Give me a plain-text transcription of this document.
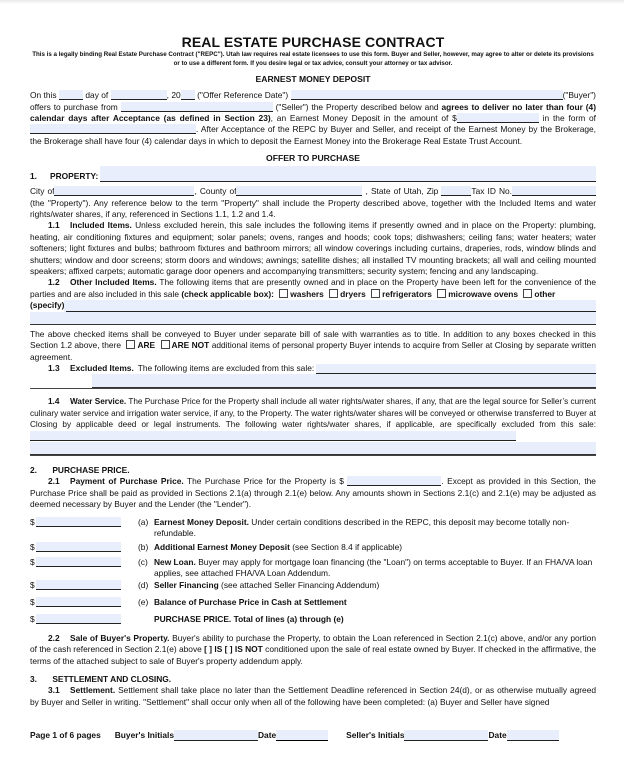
REAL ESTATE PURCHASE CONTRACT
This is a legally binding Real Estate Purchase Contract ("REPC"). Utah law requires real estate licensees to use this form. Buyer and Seller, however, may agree to alter or delete its provisions or to use a different form. If you desire legal or tax advice, consult your attorney or tax advisor.
EARNEST MONEY DEPOSIT
On this	day of	, 20 ("Offer Reference Date")	("Buyer") offers to purchase from	("Seller") the Property described below and agrees to deliver no later than four (4) calendar days after Acceptance (as defined in Section 23), an Earnest Money Deposit in the amount of $	in the form of. After Acceptance of the REPC by Buyer and Seller, and receipt of the Earnest Money by the Brokerage, the Brokerage shall have four (4) calendar days in which to deposit the Earnest Money into the Brokerage Real Estate Trust Account.
OFFER TO PURCHASE
1.	PROPERTY:
City of	, County of	, State of Utah, Zip	Tax ID No. (the "Property"). Any reference below to the term "Property" shall include the Property described above, together with the Included Items and water rights/water shares, if any, referenced in Sections 1.1, 1.2 and 1.4.
1.1 Included Items. Unless excluded herein, this sale includes the following items if presently owned and in place on the Property: plumbing, heating, air conditioning fixtures and equipment; solar panels; ovens, ranges and hoods; cook tops; dishwashers; ceiling fans; water heaters; water softeners; light fixtures and bulbs; bathroom fixtures and bathroom mirrors; all window coverings including curtains, draperies, rods, window blinds and shutters; window and door screens; storm doors and windows; awnings; satellite dishes; all installed TV mounting brackets; all wall and ceiling mounted speakers; affixed carpets; automatic garage door openers and accompanying transmitters; security system; fencing and any landscaping.
1.2 Other Included Items. The following items that are presently owned and in place on the Property have been left for the convenience of the parties and are also included in this sale (check applicable box): washers dryers refrigerators microwave ovens other
(specify)
The above checked items shall be conveyed to Buyer under separate bill of sale with warranties as to title. In addition to any boxes checked in this Section 1.2 above, there ARE ARE NOT additional items of personal property Buyer intends to acquire from Seller at Closing by separate written agreement.
1.3	Excluded Items. The following items are excluded from this sale:
1.4 Water Service. The Purchase Price for the Property shall include all water rights/water shares, if any, that are the legal source for Seller’s current culinary water service and irrigation water service, if any, to the Property. The water rights/water shares will be conveyed or otherwise transferred to Buyer at Closing by applicable deed or legal instruments. The following water rights/water shares, if applicable, are specifically excluded from this sale:
2. PURCHASE PRICE.
2.1 Payment of Purchase Price. The Purchase Price for the Property is $	. Except as provided in this Section, the Purchase Price shall be paid as provided in Sections 2.1(a) through 2.1(e) below. Any amounts shown in Sections 2.1(c) and 2.1(e) may be adjusted as deemed necessary by Buyer and the Lender (the "Lender").
$	(a) Earnest Money Deposit. Under certain conditions described in the REPC, this deposit may become totally non-refundable.
$	(b) Additional Earnest Money Deposit (see Section 8.4 if applicable)
$	(c) New Loan. Buyer may apply for mortgage loan financing (the "Loan") on terms acceptable to Buyer. If an FHA/VA loan applies, see attached FHA/VA Loan Addendum.
$	(d) Seller Financing (see attached Seller Financing Addendum)
$	(e) Balance of Purchase Price in Cash at Settlement
$	PURCHASE PRICE. Total of lines (a) through (e)
2.2 Sale of Buyer's Property. Buyer's ability to purchase the Property, to obtain the Loan referenced in Section 2.1(c) above, and/or any portion of the cash referenced in Section 2.1(e) above [ ] IS [ ] IS NOT conditioned upon the sale of real estate owned by Buyer. If checked in the affirmative, the terms of the attached subject to sale of Buyer's property addendum apply.
3. SETTLEMENT AND CLOSING.
3.1 Settlement. Settlement shall take place no later than the Settlement Deadline referenced in Section 24(d), or as otherwise mutually agreed by Buyer and Seller in writing. "Settlement" shall occur only when all of the following have been completed: (a) Buyer and Seller have signed
Page 1 of 6 pages Buyer's Initials	Date	Seller's Initials	Date
